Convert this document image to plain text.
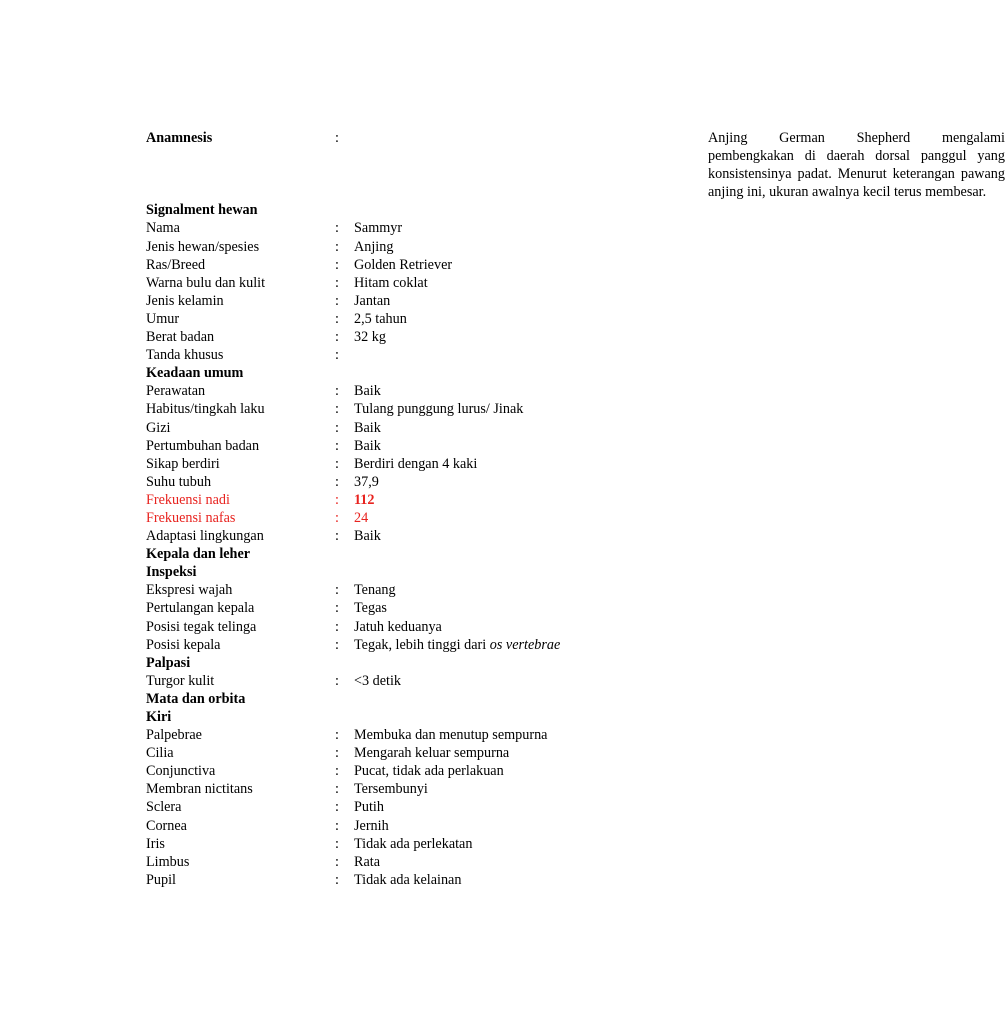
Anamnesis	:	Anjing German Shepherd mengalami pembengkakan di daerah dorsal panggul yang konsistensinya padat. Menurut keterangan pawang anjing ini, ukuran awalnya kecil terus membesar.
Signalment hewan
Nama	: Sammyr
Jenis hewan/spesies	: Anjing
Ras/Breed	: Golden Retriever
Warna bulu dan kulit	: Hitam coklat
Jenis kelamin	: Jantan
Umur	: 2,5 tahun
Berat badan	: 32 kg
Tanda khusus	:
Keadaan umum
Perawatan	: Baik
Habitus/tingkah laku	: Tulang punggung lurus/ Jinak
Gizi	: Baik
Pertumbuhan badan	: Baik
Sikap berdiri	: Berdiri dengan 4 kaki
Suhu tubuh	: 37,9
Frekuensi nadi	: 112
Frekuensi nafas	: 24
Adaptasi lingkungan	: Baik
Kepala dan leher
Inspeksi
Ekspresi wajah	: Tenang
Pertulangan kepala	: Tegas
Posisi tegak telinga	: Jatuh keduanya
Posisi kepala	: Tegak, lebih tinggi dari os vertebrae
Palpasi
Turgor kulit	: <3 detik
Mata dan orbita
Kiri
Palpebrae	: Membuka dan menutup sempurna
Cilia	: Mengarah keluar sempurna
Conjunctiva	: Pucat, tidak ada perlakuan
Membran nictitans	: Tersembunyi
Sclera	: Putih
Cornea	: Jernih
Iris	: Tidak ada perlekatan
Limbus	: Rata
Pupil	: Tidak ada kelainan
